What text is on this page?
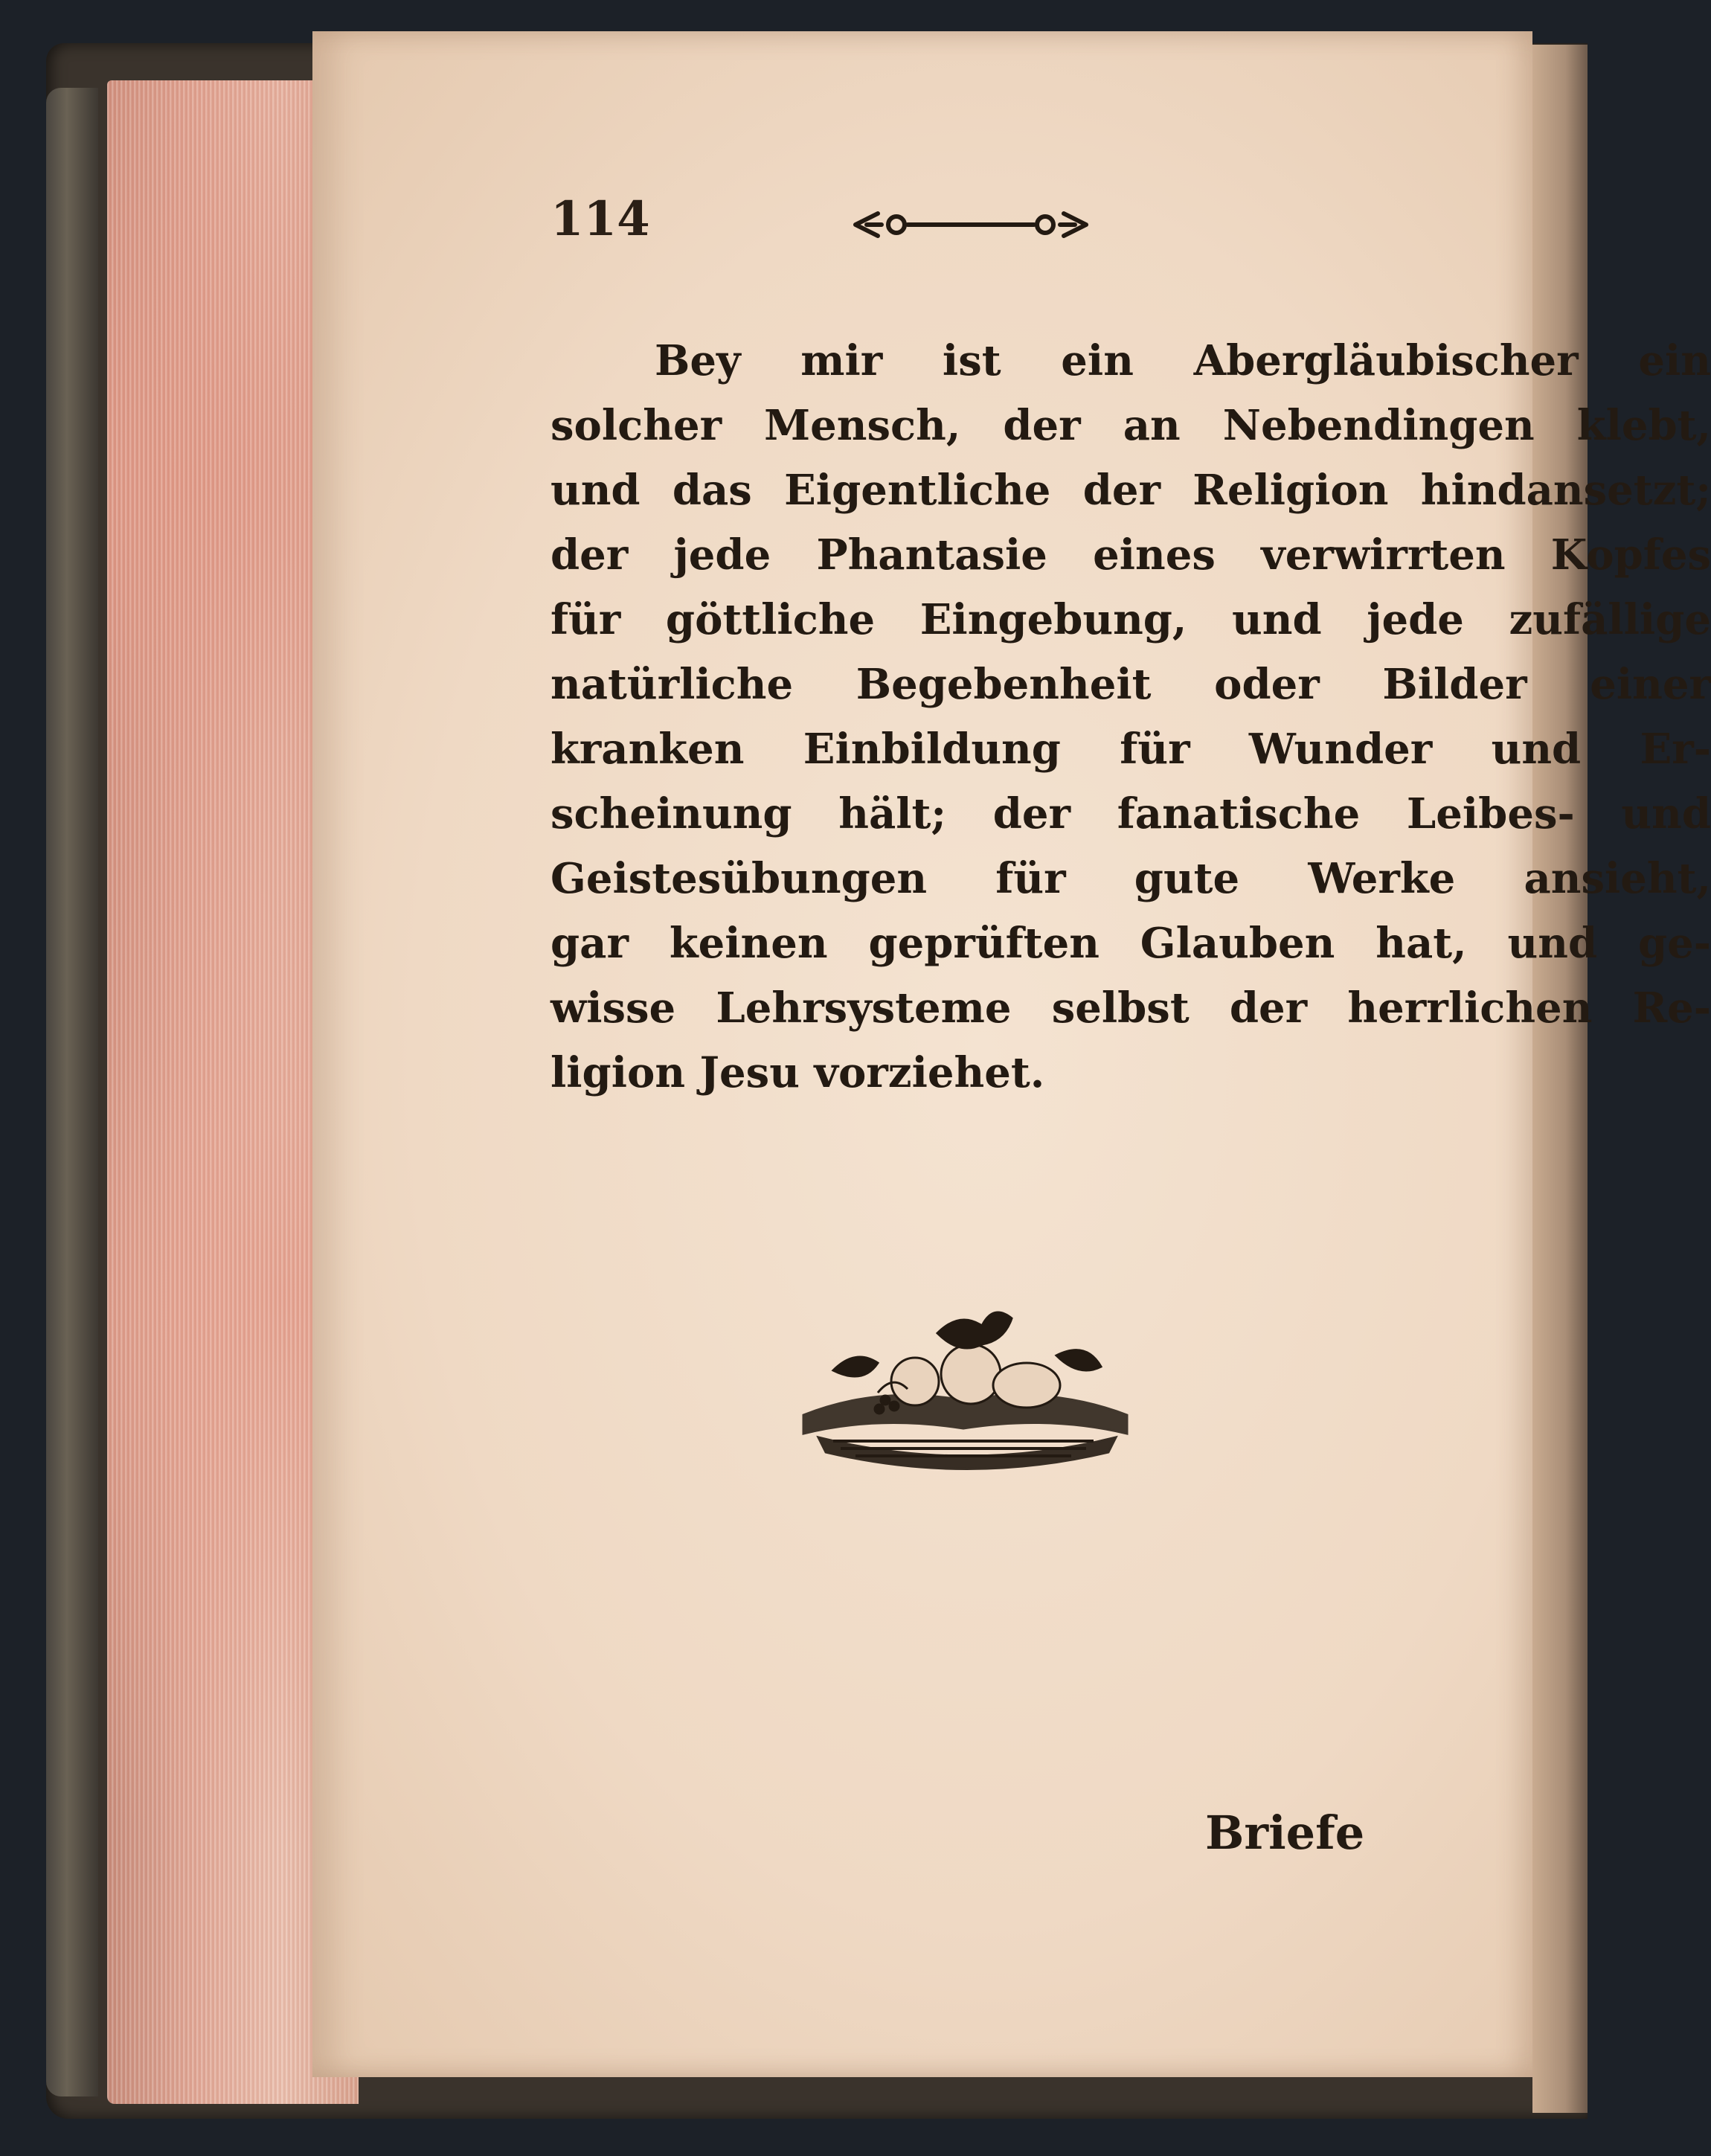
114
Bey mir ist ein Abergläubischer ein
solcher Mensch, der an Nebendingen klebt,
und das Eigentliche der Religion hindansetzt;
der jede Phantasie eines verwirrten Kopfes
für göttliche Eingebung, und jede zufällige
natürliche Begebenheit oder Bilder einer
kranken Einbildung für Wunder und Er-
scheinung hält; der fanatische Leibes- und
Geistesübungen für gute Werke ansieht,
gar keinen geprüften Glauben hat, und ge-
wisse Lehrsysteme selbst der herrlichen Re-
ligion Jesu vorziehet.
Briefe
